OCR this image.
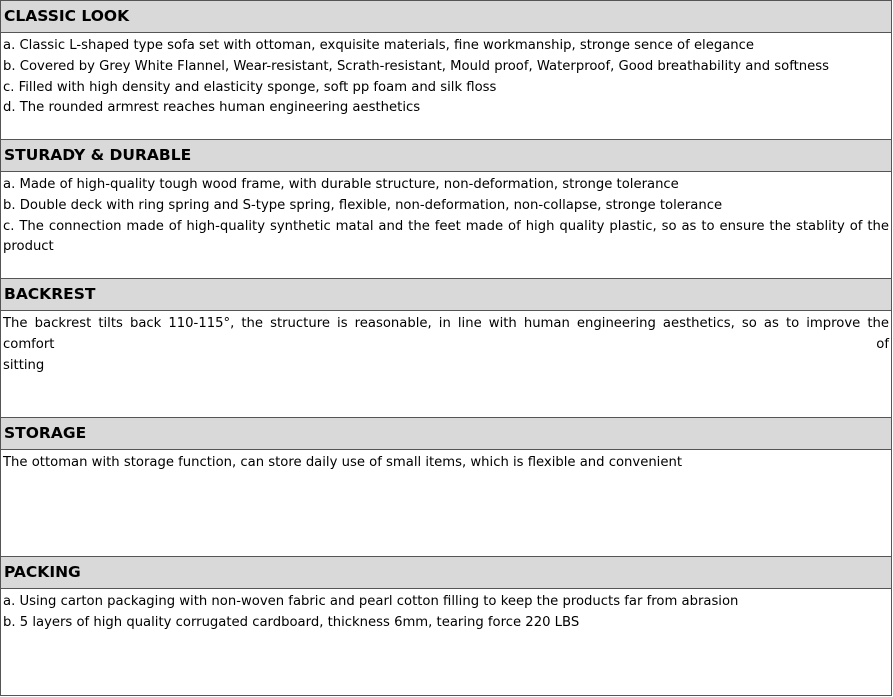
CLASSIC LOOK
a. Classic L-shaped type sofa set with ottoman, exquisite materials, fine workmanship, stronge sence of elegance
b. Covered by Grey White Flannel, Wear-resistant, Scrath-resistant, Mould proof, Waterproof, Good breathability and softness
c. Filled with high density and elasticity sponge, soft pp foam and silk floss
d. The rounded armrest reaches human engineering aesthetics
STURADY & DURABLE
a. Made of high-quality tough wood frame, with durable structure, non-deformation, stronge tolerance
b. Double deck with ring spring and S-type spring, flexible, non-deformation, non-collapse, stronge tolerance
c. The connection made of high-quality synthetic matal and the feet made of high quality plastic, so as to ensure the stablity of the
product
BACKREST
The backrest tilts back 110-115°, the structure is reasonable, in line with human engineering aesthetics, so as to improve the comfort of
sitting
STORAGE
The ottoman with storage function, can store daily use of small items, which is flexible and convenient
PACKING
a. Using carton packaging with non-woven fabric and pearl cotton filling to keep the products far from abrasion
b. 5 layers of high quality corrugated cardboard, thickness 6mm, tearing force 220 LBS
